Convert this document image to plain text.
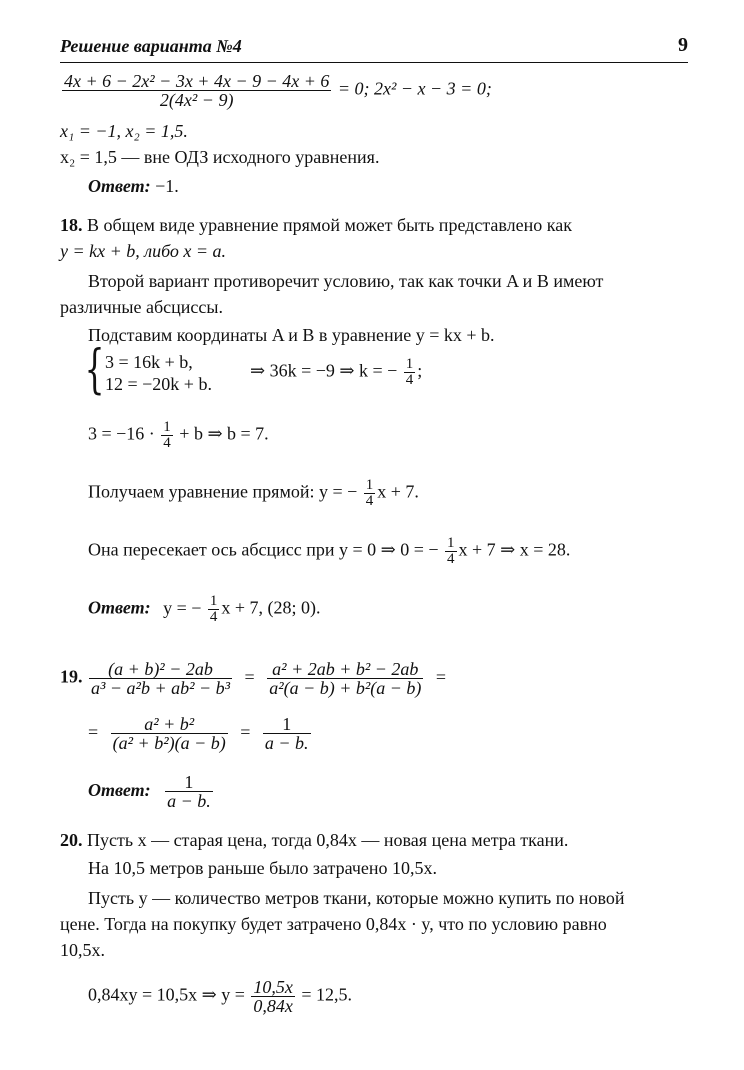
Решение варианта №4	9
$\frac{\text{4x + 6 − 2x² − 3x + 4x − 9 − 4x + 6}}{\text{2(4x² − 9)}} = 0$; 2x² − x − 3 = 0;
x₁ = −1, x₂ = 1,5.
x₂ = 1,5 — вне ОДЗ исходного уравнения.
Ответ: −1.
18. В общем виде уравнение прямой может быть представлено как
y = kx + b, либо x = a.
Второй вариант противоречит условию, так как точки A и B имеют
различные абсциссы.
Подставим координаты A и B в уравнение y = kx + b.
{ 3 = 16k + b,
12 = −20k + b.
⇒ 36k = −9 ⇒ k = − $\frac{1}{4}$ ;
$3 = -16 \cdot \frac{1}{4} + b$ ⇒ b = 7.
Получаем уравнение прямой: y = − $\frac{1}{4}$ x + 7.
Она пересекает ось абсцисс при y = 0 ⇒ 0 = − $\frac{1}{4}$ x + 7 ⇒ x = 28.
Ответ: y = − $\frac{1}{4}$ x + 7, (28; 0).
19. $\frac{\text{(a + b)² − 2ab}}{\text{a³ − a²b + ab² − b³}} = \frac{\text{a² + 2ab + b² − 2ab}}{\text{a²(a − b) + b²(a − b)}}$ =
= $\frac{\text{a² + b²}}{\text{(a² + b²)(a − b)}} = \frac{1}{a - b.}$
Ответ: $\frac{1}{a - b.}$
20. Пусть x — старая цена, тогда 0,84x — новая цена метра ткани.
На 10,5 метров раньше было затрачено 10,5x.
Пусть y — количество метров ткани, которые можно купить по новой
цене. Тогда на покупку будет затрачено 0,84x · y, что по условию равно
10,5x.
0,84xy = 10,5x ⇒ $y = \frac{10,5x}{0,84x} = 12,5$.
